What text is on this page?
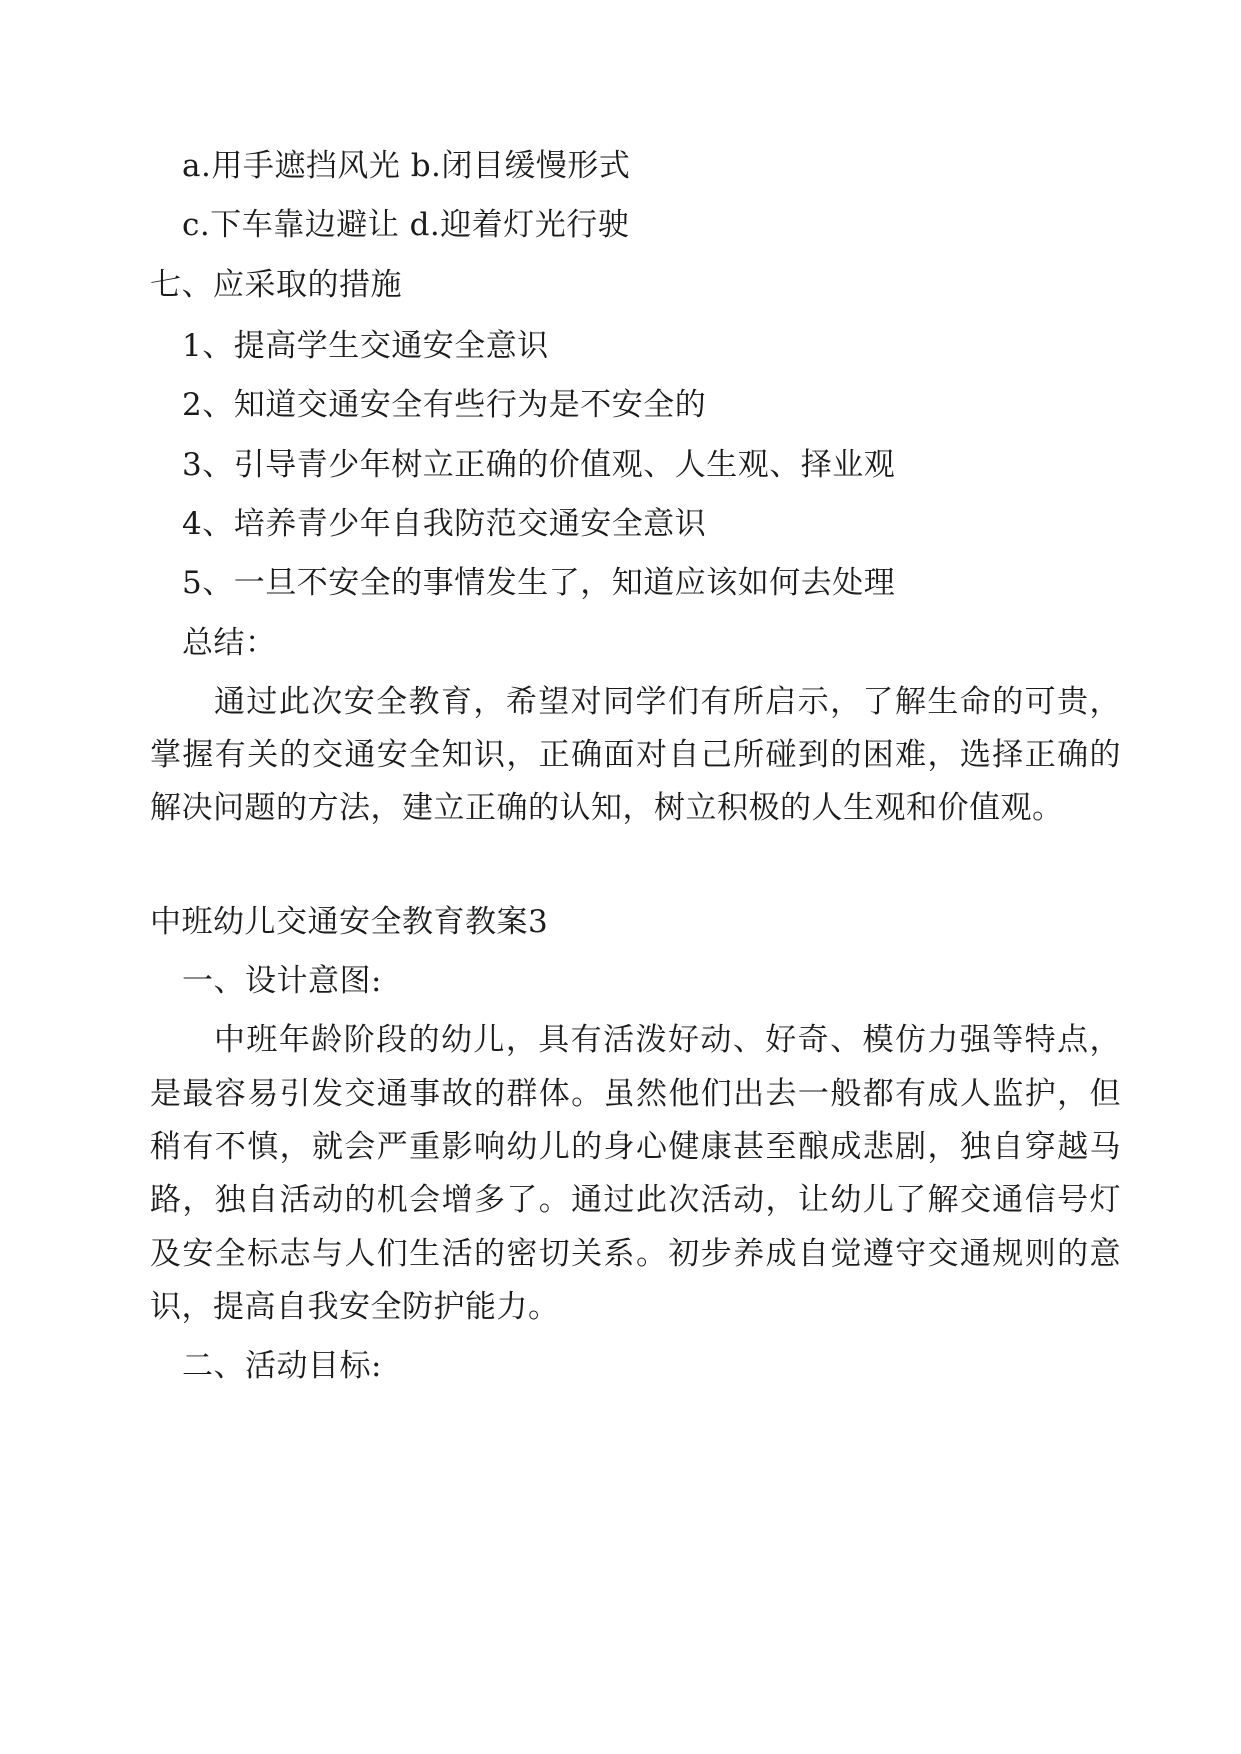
a.用手遮挡风光 b.闭目缓慢形式

c.下车靠边避让 d.迎着灯光行驶

七、应采取的措施

1、提高学生交通安全意识

2、知道交通安全有些行为是不安全的

3、引导青少年树立正确的价值观、人生观、择业观

4、培养青少年自我防范交通安全意识

5、一旦不安全的事情发生了，知道应该如何去处理

总结：

通过此次安全教育，希望对同学们有所启示，了解生命的可贵，掌握有关的交通安全知识，正确面对自己所碰到的困难，选择正确的解决问题的方法，建立正确的认知，树立积极的人生观和价值观。

中班幼儿交通安全教育教案3

一、设计意图:

中班年龄阶段的幼儿，具有活泼好动、好奇、模仿力强等特点，是最容易引发交通事故的群体。虽然他们出去一般都有成人监护，但稍有不慎，就会严重影响幼儿的身心健康甚至酿成悲剧，独自穿越马路，独自活动的机会增多了。通过此次活动，让幼儿了解交通信号灯及安全标志与人们生活的密切关系。初步养成自觉遵守交通规则的意识，提高自我安全防护能力。

二、活动目标:
